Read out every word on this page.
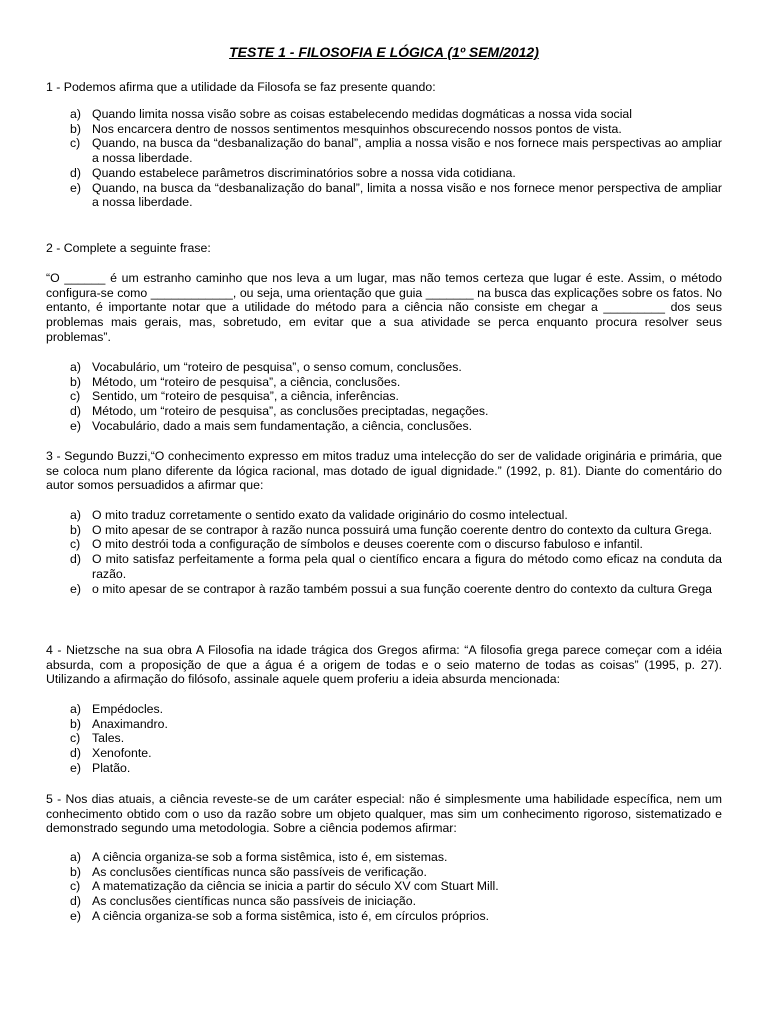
TESTE 1 - FILOSOFIA E LÓGICA (1º SEM/2012)
1 - Podemos afirma que a utilidade da Filosofa se faz presente quando:
a) Quando limita nossa visão sobre as coisas estabelecendo medidas dogmáticas a nossa vida social
b) Nos encarcera dentro de nossos sentimentos mesquinhos obscurecendo nossos pontos de vista.
c) Quando, na busca da “desbanalização do banal”, amplia a nossa visão e nos fornece mais perspectivas ao ampliar a nossa liberdade.
d) Quando estabelece parâmetros discriminatórios sobre a nossa vida cotidiana.
e) Quando, na busca da “desbanalização do banal”, limita a nossa visão e nos fornece menor perspectiva de ampliar a nossa liberdade.
2 - Complete a seguinte frase:
“O ______ é um estranho caminho que nos leva a um lugar, mas não temos certeza que lugar é este. Assim, o método configura-se como ____________, ou seja, uma orientação que guia _______ na busca das explicações sobre os fatos. No entanto, é importante notar que a utilidade do método para a ciência não consiste em chegar a _________ dos seus problemas mais gerais, mas, sobretudo, em evitar que a sua atividade se perca enquanto procura resolver seus problemas”.
a) Vocabulário, um “roteiro de pesquisa”, o senso comum, conclusões.
b) Método, um “roteiro de pesquisa”, a ciência, conclusões.
c) Sentido, um “roteiro de pesquisa”, a ciência, inferências.
d) Método, um “roteiro de pesquisa”, as conclusões preciptadas, negações.
e) Vocabulário, dado a mais sem fundamentação, a ciência, conclusões.
3 - Segundo Buzzi,“O conhecimento expresso em mitos traduz uma intelecção do ser de validade originária e primária, que se coloca num plano diferente da lógica racional, mas dotado de igual dignidade.” (1992, p. 81). Diante do comentário do autor somos persuadidos a afirmar que:
a) O mito traduz corretamente o sentido exato da validade originário do cosmo intelectual.
b) O mito apesar de se contrapor à razão nunca possuirá uma função coerente dentro do contexto da cultura Grega.
c) O mito destrói toda a configuração de símbolos e deuses coerente com o discurso fabuloso e infantil.
d) O mito satisfaz perfeitamente a forma pela qual o científico encara a figura do método como eficaz na conduta da razão.
e) o mito apesar de se contrapor à razão também possui a sua função coerente dentro do contexto da cultura Grega
4 - Nietzsche na sua obra A Filosofia na idade trágica dos Gregos afirma: “A filosofia grega parece começar com a idéia absurda, com a proposição de que a água é a origem de todas e o seio materno de todas as coisas” (1995, p. 27). Utilizando a afirmação do filósofo, assinale aquele quem proferiu a ideia absurda mencionada:
a) Empédocles.
b) Anaximandro.
c) Tales.
d) Xenofonte.
e) Platão.
5 - Nos dias atuais, a ciência reveste-se de um caráter especial: não é simplesmente uma habilidade específica, nem um conhecimento obtido com o uso da razão sobre um objeto qualquer, mas sim um conhecimento rigoroso, sistematizado e demonstrado segundo uma metodologia. Sobre a ciência podemos afirmar:
a) A ciência organiza-se sob a forma sistêmica, isto é, em sistemas.
b) As conclusões científicas nunca são passíveis de verificação.
c) A matematização da ciência se inicia a partir do século XV com Stuart Mill.
d) As conclusões científicas nunca são passíveis de iniciação.
e) A ciência organiza-se sob a forma sistêmica, isto é, em círculos próprios.
